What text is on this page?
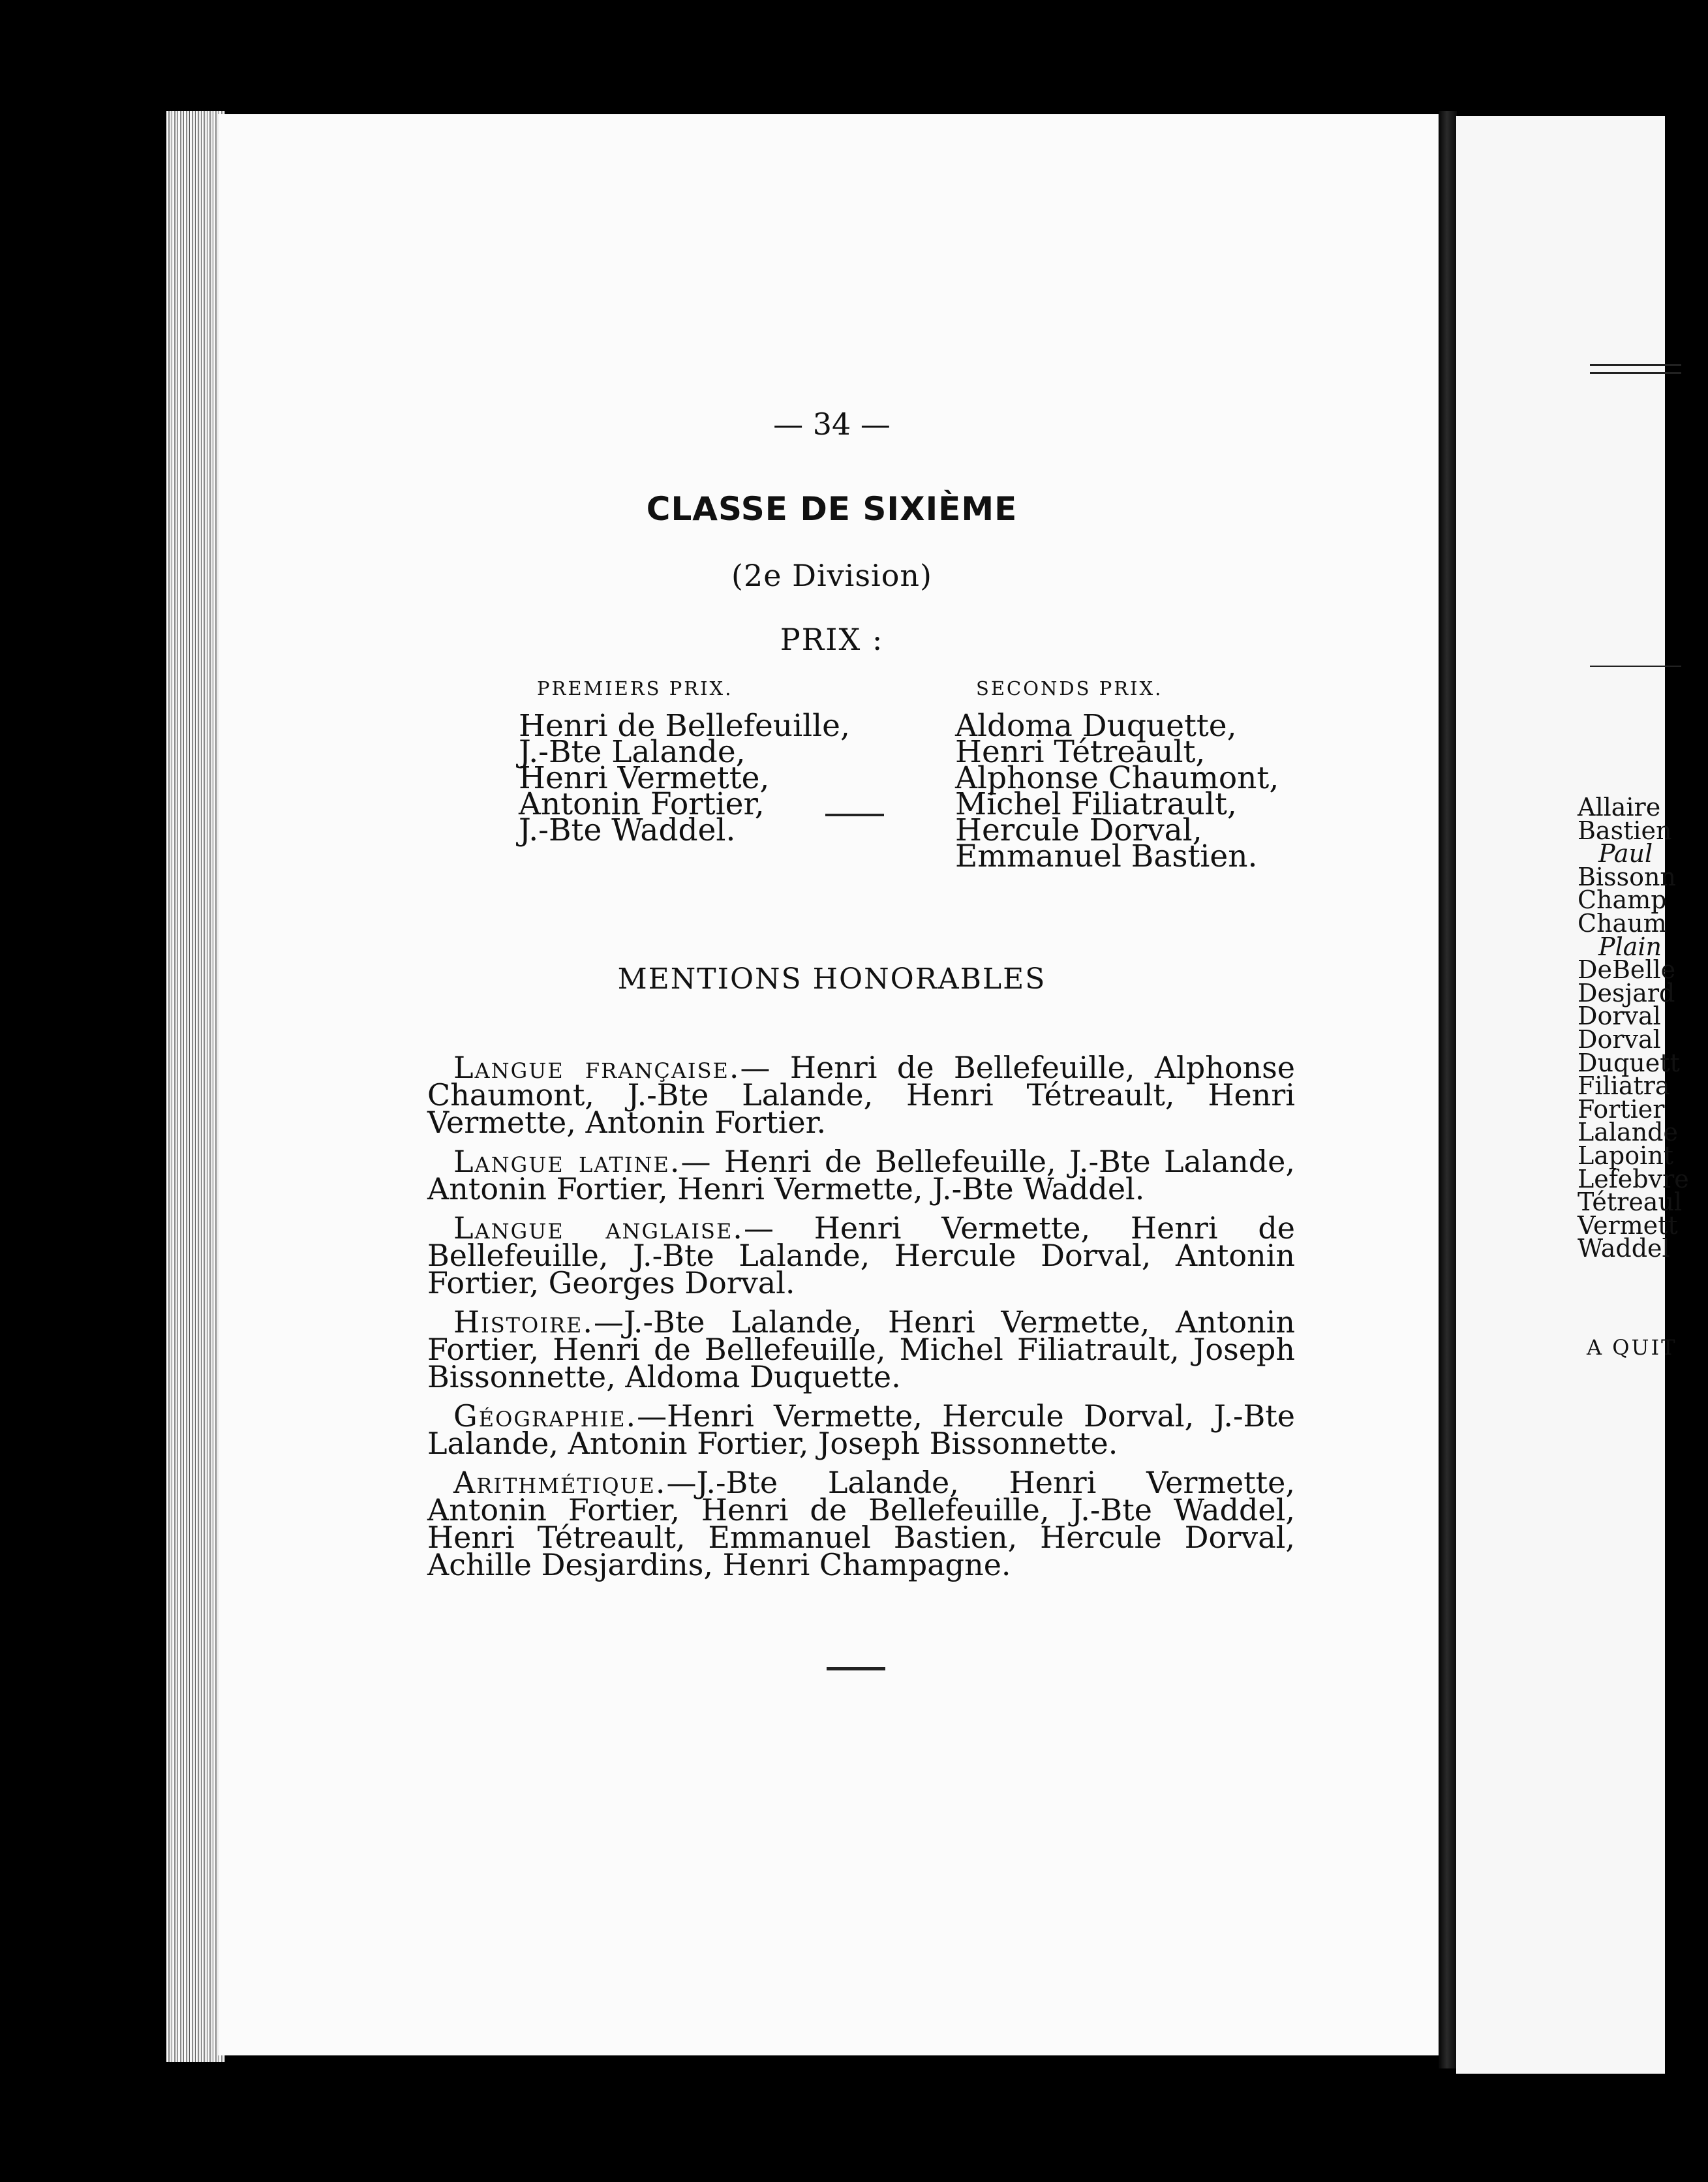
— 34 —
CLASSE DE SIXIÈME
(2e Division)
PRIX :
PREMIERS PRIX.
Henri de Bellefeuille,
J.-Bte Lalande,
Henri Vermette,
Antonin Fortier,
J.-Bte Waddel.
SECONDS PRIX.
Aldoma Duquette,
Henri Tétreault,
Alphonse Chaumont,
Michel Filiatrault,
Hercule Dorval,
Emmanuel Bastien.
MENTIONS HONORABLES

Langue française.— Henri de Bellefeuille, Alphonse Chaumont, J.-Bte Lalande, Henri Tétreault, Henri Vermette, Antonin Fortier.

Langue latine.— Henri de Bellefeuille, J.-Bte Lalande, Antonin Fortier, Henri Vermette, J.-Bte Waddel.

Langue anglaise.— Henri Vermette, Henri de Bellefeuille, J.-Bte Lalande, Hercule Dorval, Antonin Fortier, Georges Dorval.

Histoire.—J.-Bte Lalande, Henri Vermette, Antonin Fortier, Henri de Bellefeuille, Michel Filiatrault, Joseph Bissonnette, Aldoma Duquette.

Géographie.—Henri Vermette, Hercule Dorval, J.-Bte Lalande, Antonin Fortier, Joseph Bissonnette.

Arithmétique.—J.-Bte Lalande, Henri Vermette, Antonin Fortier, Henri de Bellefeuille, J.-Bte Waddel, Henri Tétreault, Emmanuel Bastien, Hercule Dorval, Achille Desjardins, Henri Champagne.

Allaire
Bastien
Paul
Bissonn
Champ
Chaum
Plain
DeBelle
Desjard
Dorval
Dorval
Duquett
Filiatra
Fortier
Lalande
Lapoint
Lefebvre
Tétreaul
Vermett
Waddel
A QUIT
